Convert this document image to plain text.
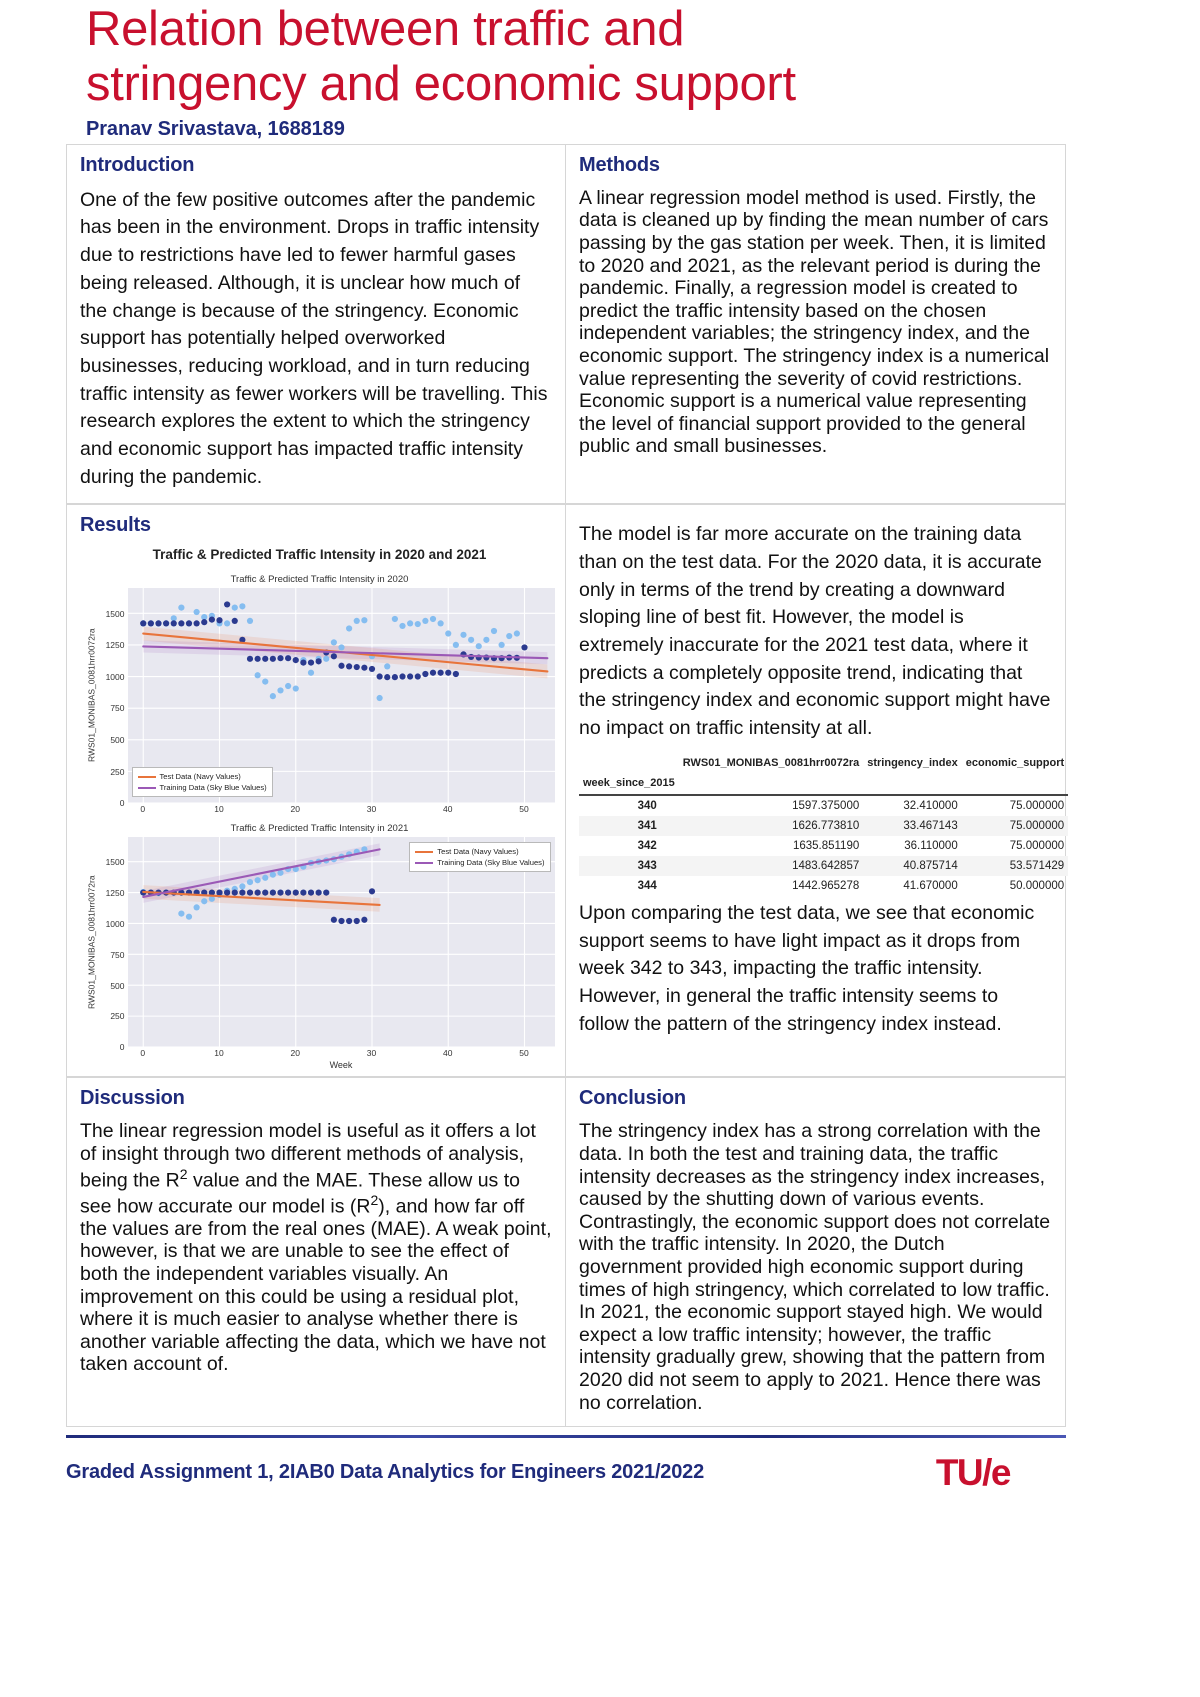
Relation between traffic and
stringency and economic support
Pranav Srivastava, 1688189
Introduction

One of the few positive outcomes after the pandemic has been in the environment. Drops in traffic intensity due to restrictions have led to fewer harmful gases being released. Although, it is unclear how much of the change is because of the stringency. Economic support has potentially helped overworked businesses, reducing workload, and in turn reducing traffic intensity as fewer workers will be travelling. This research explores the extent to which the stringency and economic support has impacted traffic intensity during the pandemic.

Methods

A linear regression model method is used. Firstly, the data is cleaned up by finding the mean number of cars passing by the gas station per week. Then, it is limited to 2020 and 2021, as the relevant period is during the pandemic. Finally, a regression model is created to predict the traffic intensity based on the chosen independent variables; the stringency index, and the economic support. The stringency index is a numerical value representing the severity of covid restrictions. Economic support is a numerical value representing the level of financial support provided to the general public and small businesses.

Results
Traffic & Predicted Traffic Intensity in 2020 and 2021
Traffic & Predicted Traffic Intensity in 2020
RWS01_MONIBAS_0081hrr0072ra
0
250
500
750
1000
1250
1500
Test Data (Navy Values)
Training Data (Sky Blue Values)
0	10	20	30	40	50
Traffic & Predicted Traffic Intensity in 2021
RWS01_MONIBAS_0081hrr0072ra
0
250
500
750
1000
1250
1500
Test Data (Navy Values)
Training Data (Sky Blue Values)
0	10	20	30	40	50
Week

The model is far more accurate on the training data than on the test data. For the 2020 data, it is accurate only in terms of the trend by creating a downward sloping line of best fit. However, the model is extremely inaccurate for the 2021 test data, where it predicts a completely opposite trend, indicating that the stringency index and economic support might have no impact on traffic intensity at all.

	RWS01_MONIBAS_0081hrr0072ra	stringency_index	economic_support
week_since_2015			

340	1597.375000	32.410000	75.000000
341	1626.773810	33.467143	75.000000
342	1635.851190	36.110000	75.000000
343	1483.642857	40.875714	53.571429
344	1442.965278	41.670000	50.000000

Upon comparing the test data, we see that economic support seems to have light impact as it drops from week 342 to 343, impacting the traffic intensity. However, in general the traffic intensity seems to follow the pattern of the stringency index instead.

Discussion

The linear regression model is useful as it offers a lot of insight through two different methods of analysis, being the $R^2$ value and the MAE. These allow us to see how accurate our model is $(R^2)$, and how far off the values are from the real ones (MAE). A weak point, however, is that we are unable to see the effect of both the independent variables visually. An improvement on this could be using a residual plot, where it is much easier to analyse whether there is another variable affecting the data, which we have not taken account of.

Conclusion

The stringency index has a strong correlation with the data. In both the test and training data, the traffic intensity decreases as the stringency index increases, caused by the shutting down of various events. Contrastingly, the economic support does not correlate with the traffic intensity. In 2020, the Dutch government provided high economic support during times of high stringency, which correlated to low traffic. In 2021, the economic support stayed high. We would expect a low traffic intensity; however, the traffic intensity gradually grew, showing that the pattern from 2020 did not seem to apply to 2021. Hence there was no correlation.

Graded Assignment 1, 2IAB0 Data Analytics for Engineers 2021/2022	TU/e
